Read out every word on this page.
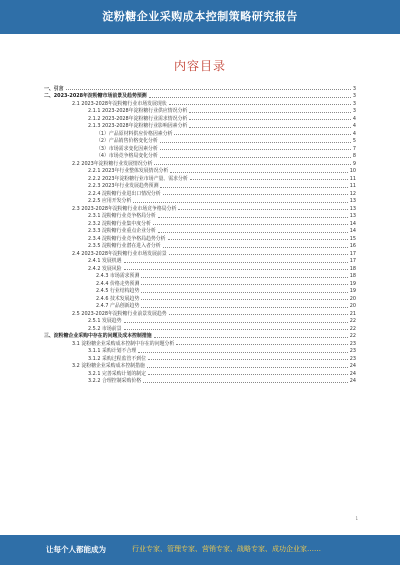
淀粉糖企业采购成本控制策略研究报告
内容目录
一、引言	3
二、2023-2028年淀粉糖市场前景及趋势预测	3
2.1 2023-2028年淀粉糖行业市场发展现状	3
2.1.1 2023-2028年淀粉糖行业供应情况分析	3
2.1.2 2023-2028年淀粉糖行业需求情况分析	4
2.1.3 2023-2028年淀粉糖行业影响因素分析	4
（1）产品原材料供应价格因素分析	4
（2）产品销售价格变化分析	5
（3）市场需求变化因素分析	7
（4）市场竞争格局变化分析	8
2.2 2023年淀粉糖行业发展情况分析	9
2.2.1 2023年行业整体发展情况分析	10
2.2.2 2023年淀粉糖行业市场产量、需求分析	11
2.2.3 2023年行业发展趋势预测	11
2.2.4 淀粉糖行业进出口情况分析	12
2.2.5 应用开发分析	13
2.3 2023-2028年淀粉糖行业市场竞争格局分析	13
2.3.1 淀粉糖行业竞争格局分析	13
2.3.2 淀粉糖行业集中度分析	14
2.3.3 淀粉糖行业重点企业分析	14
2.3.4 淀粉糖行业竞争格局趋势分析	15
2.3.5 淀粉糖行业潜在进入者分析	16
2.4 2023-2028年淀粉糖行业市场发展前景	17
2.4.1 发展机遇	17
2.4.2 发展风险	18
2.4.3 市场需求预测	18
2.4.4 价格走势预测	19
2.4.5 行业结构趋势	19
2.4.6 技术发展趋势	20
2.4.7 产品创新趋势	20
2.5 2023-2028年淀粉糖行业前景发展趋势	21
2.5.1 发展趋势	22
2.5.2 市场前景	22
三、淀粉糖企业采购中存在的问题及成本控制措施	22
3.1 淀粉糖企业采购成本控制中存在的问题分析	23
3.1.1 采购计划不合理	23
3.1.2 采购过程监管不到位	23
3.2 淀粉糖企业采购成本控制措施	24
3.2.1 完善采购计划的制定	24
3.2.2 合理控制采购价格	24
1
让每个人都能成为	行业专家、管理专家、营销专家、战略专家、成功企业家……
